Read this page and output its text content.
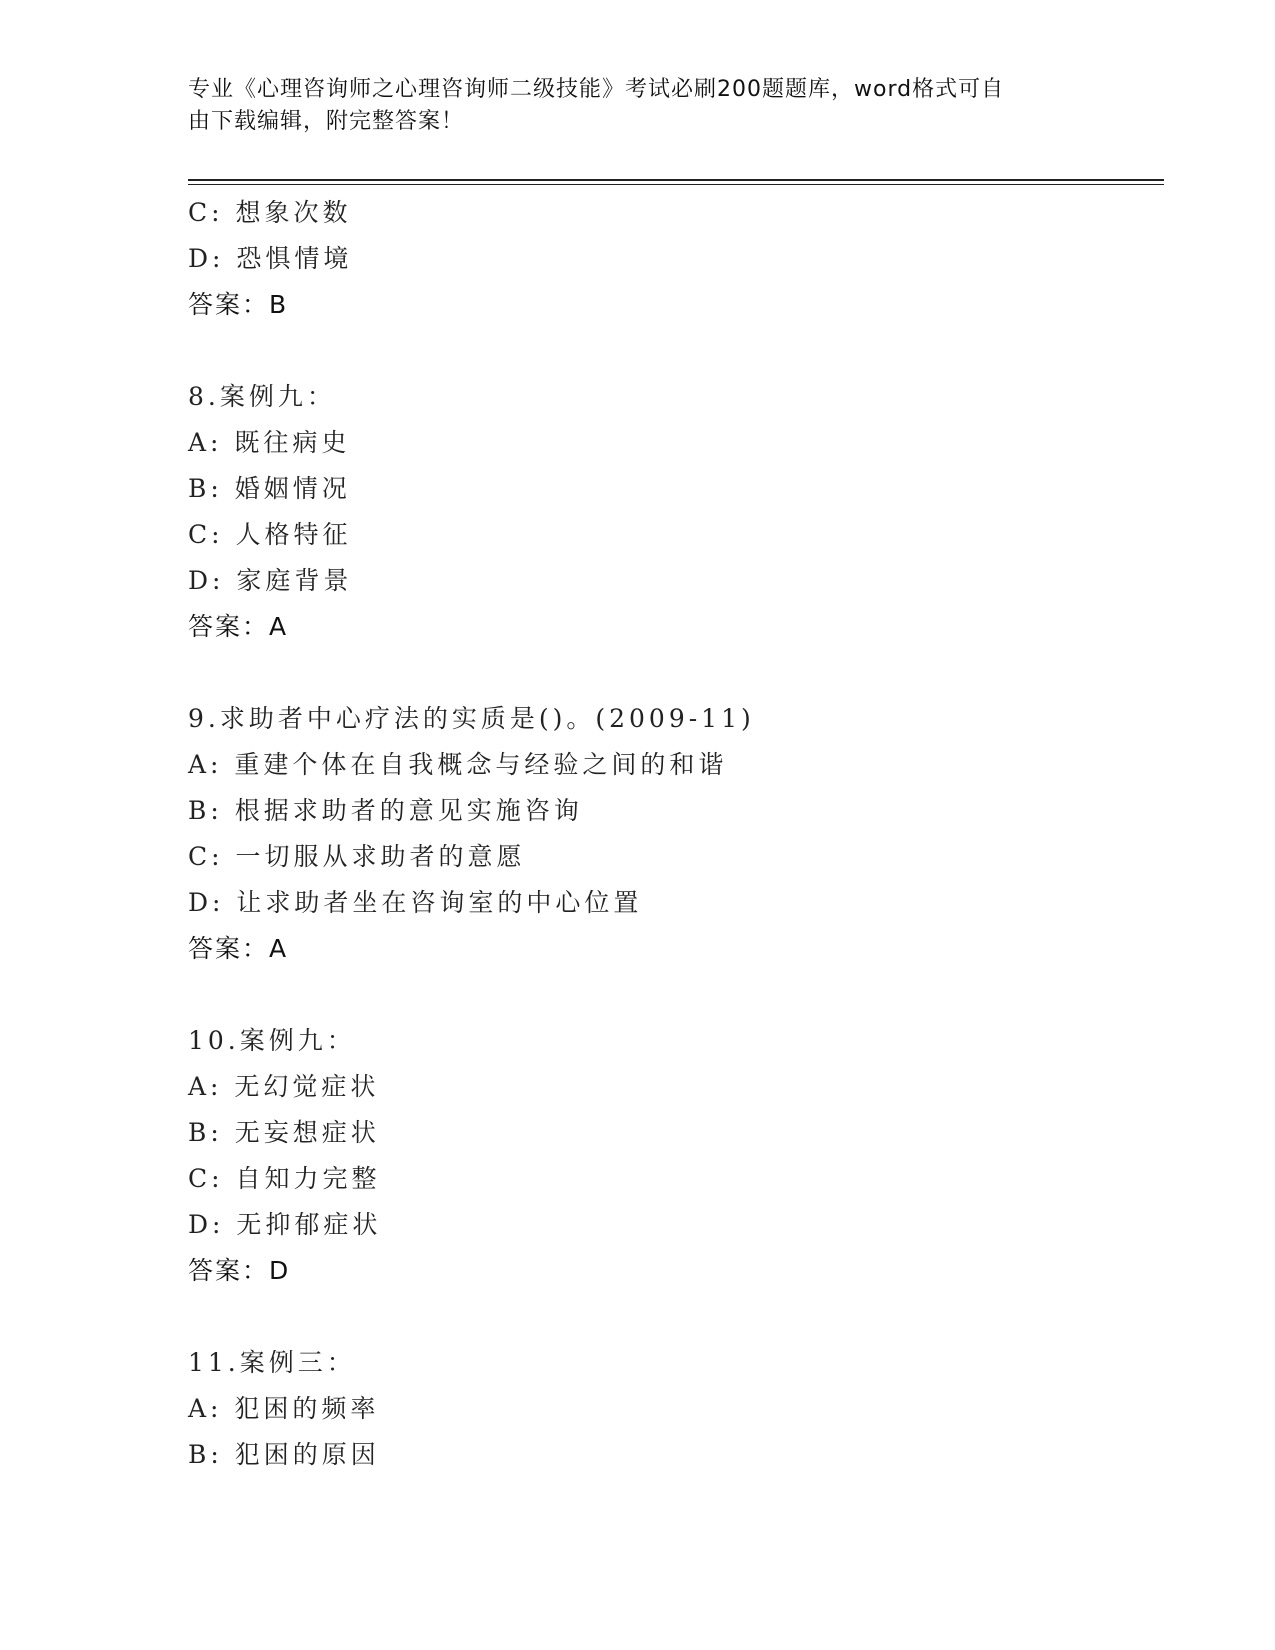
专业《心理咨询师之心理咨询师二级技能》考试必刷200题题库，word格式可自
由下载编辑，附完整答案！
C: 想象次数
D: 恐惧情境
答案：B
8.案例九：
A: 既往病史
B: 婚姻情况
C: 人格特征
D: 家庭背景
答案：A
9.求助者中心疗法的实质是()。(2009-11)
A: 重建个体在自我概念与经验之间的和谐
B: 根据求助者的意见实施咨询
C: 一切服从求助者的意愿
D: 让求助者坐在咨询室的中心位置
答案：A
10.案例九：
A: 无幻觉症状
B: 无妄想症状
C: 自知力完整
D: 无抑郁症状
答案：D
11.案例三：
A: 犯困的频率
B: 犯困的原因
